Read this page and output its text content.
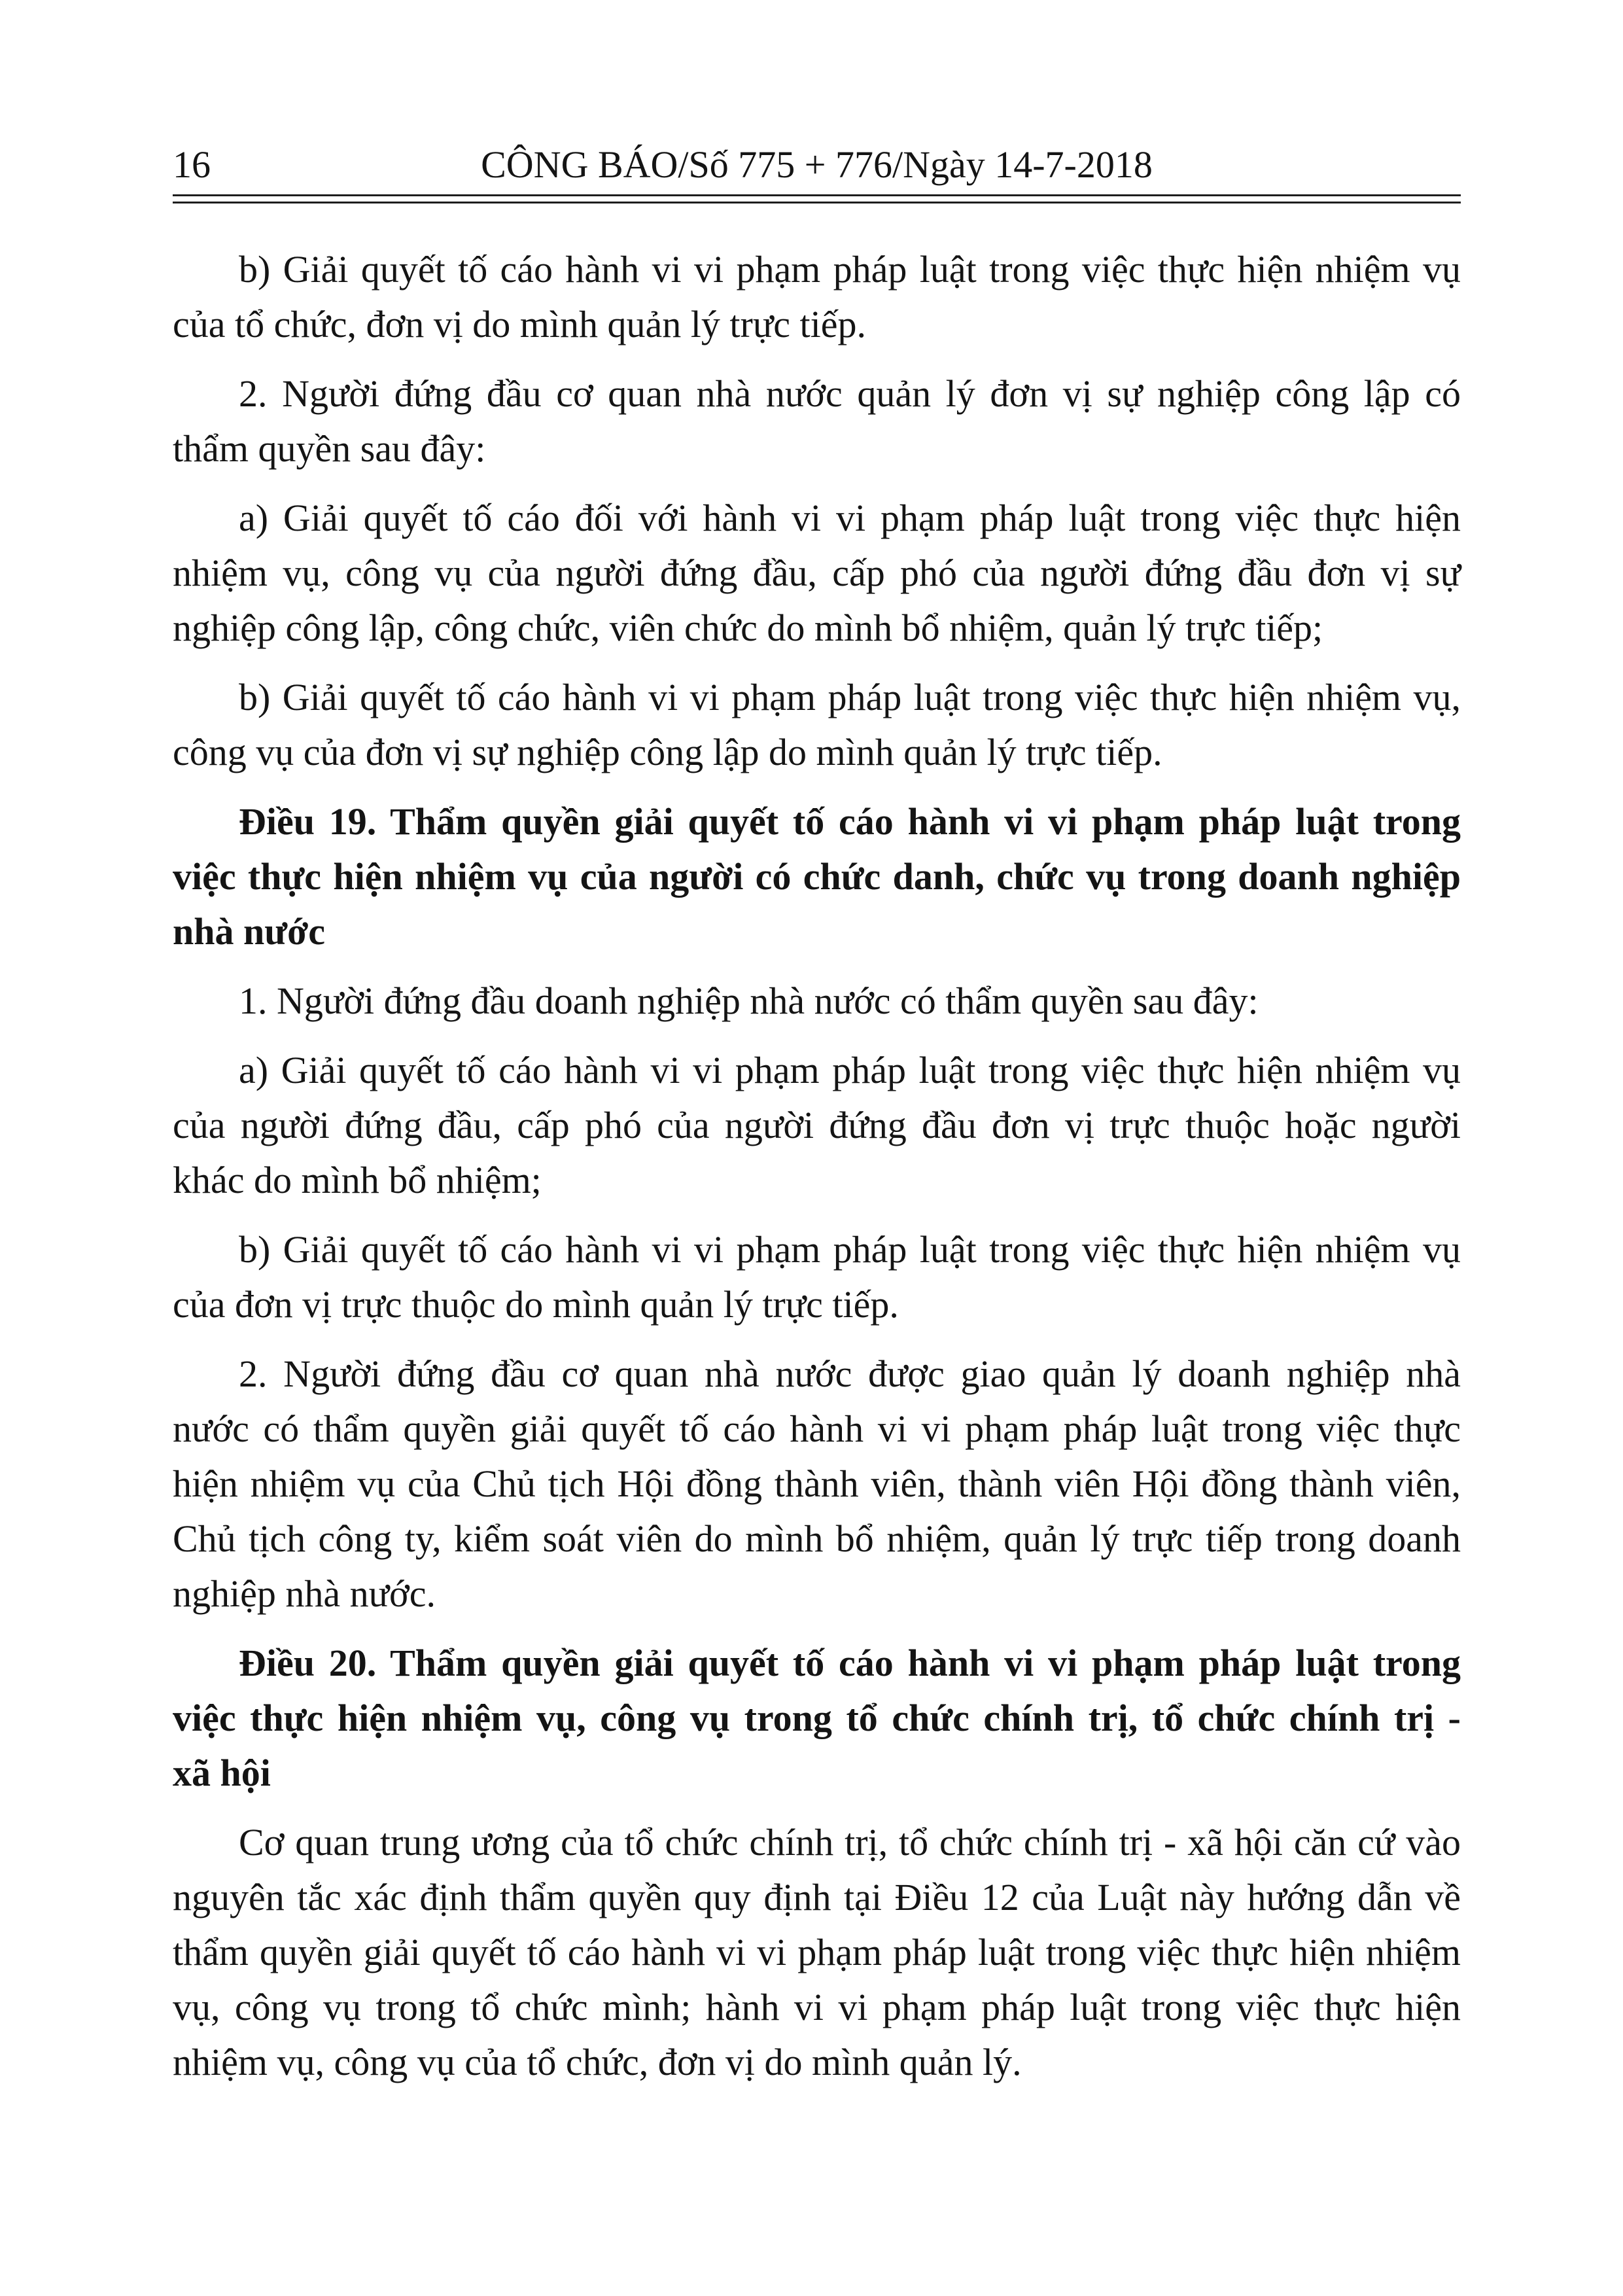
16	CÔNG BÁO/Số 775 + 776/Ngày 14-7-2018
b) Giải quyết tố cáo hành vi vi phạm pháp luật trong việc thực hiện nhiệm vụ
của tổ chức, đơn vị do mình quản lý trực tiếp.
2. Người đứng đầu cơ quan nhà nước quản lý đơn vị sự nghiệp công lập có
thẩm quyền sau đây:
a) Giải quyết tố cáo đối với hành vi vi phạm pháp luật trong việc thực hiện
nhiệm vụ, công vụ của người đứng đầu, cấp phó của người đứng đầu đơn vị sự
nghiệp công lập, công chức, viên chức do mình bổ nhiệm, quản lý trực tiếp;
b) Giải quyết tố cáo hành vi vi phạm pháp luật trong việc thực hiện nhiệm vụ,
công vụ của đơn vị sự nghiệp công lập do mình quản lý trực tiếp.
Điều 19. Thẩm quyền giải quyết tố cáo hành vi vi phạm pháp luật trong
việc thực hiện nhiệm vụ của người có chức danh, chức vụ trong doanh nghiệp
nhà nước
1. Người đứng đầu doanh nghiệp nhà nước có thẩm quyền sau đây:
a) Giải quyết tố cáo hành vi vi phạm pháp luật trong việc thực hiện nhiệm vụ
của người đứng đầu, cấp phó của người đứng đầu đơn vị trực thuộc hoặc người
khác do mình bổ nhiệm;
b) Giải quyết tố cáo hành vi vi phạm pháp luật trong việc thực hiện nhiệm vụ
của đơn vị trực thuộc do mình quản lý trực tiếp.
2. Người đứng đầu cơ quan nhà nước được giao quản lý doanh nghiệp nhà
nước có thẩm quyền giải quyết tố cáo hành vi vi phạm pháp luật trong việc thực
hiện nhiệm vụ của Chủ tịch Hội đồng thành viên, thành viên Hội đồng thành viên,
Chủ tịch công ty, kiểm soát viên do mình bổ nhiệm, quản lý trực tiếp trong doanh
nghiệp nhà nước.
Điều 20. Thẩm quyền giải quyết tố cáo hành vi vi phạm pháp luật trong
việc thực hiện nhiệm vụ, công vụ trong tổ chức chính trị, tổ chức chính trị -
xã hội
Cơ quan trung ương của tổ chức chính trị, tổ chức chính trị - xã hội căn cứ vào
nguyên tắc xác định thẩm quyền quy định tại Điều 12 của Luật này hướng dẫn về
thẩm quyền giải quyết tố cáo hành vi vi phạm pháp luật trong việc thực hiện nhiệm
vụ, công vụ trong tổ chức mình; hành vi vi phạm pháp luật trong việc thực hiện
nhiệm vụ, công vụ của tổ chức, đơn vị do mình quản lý.
